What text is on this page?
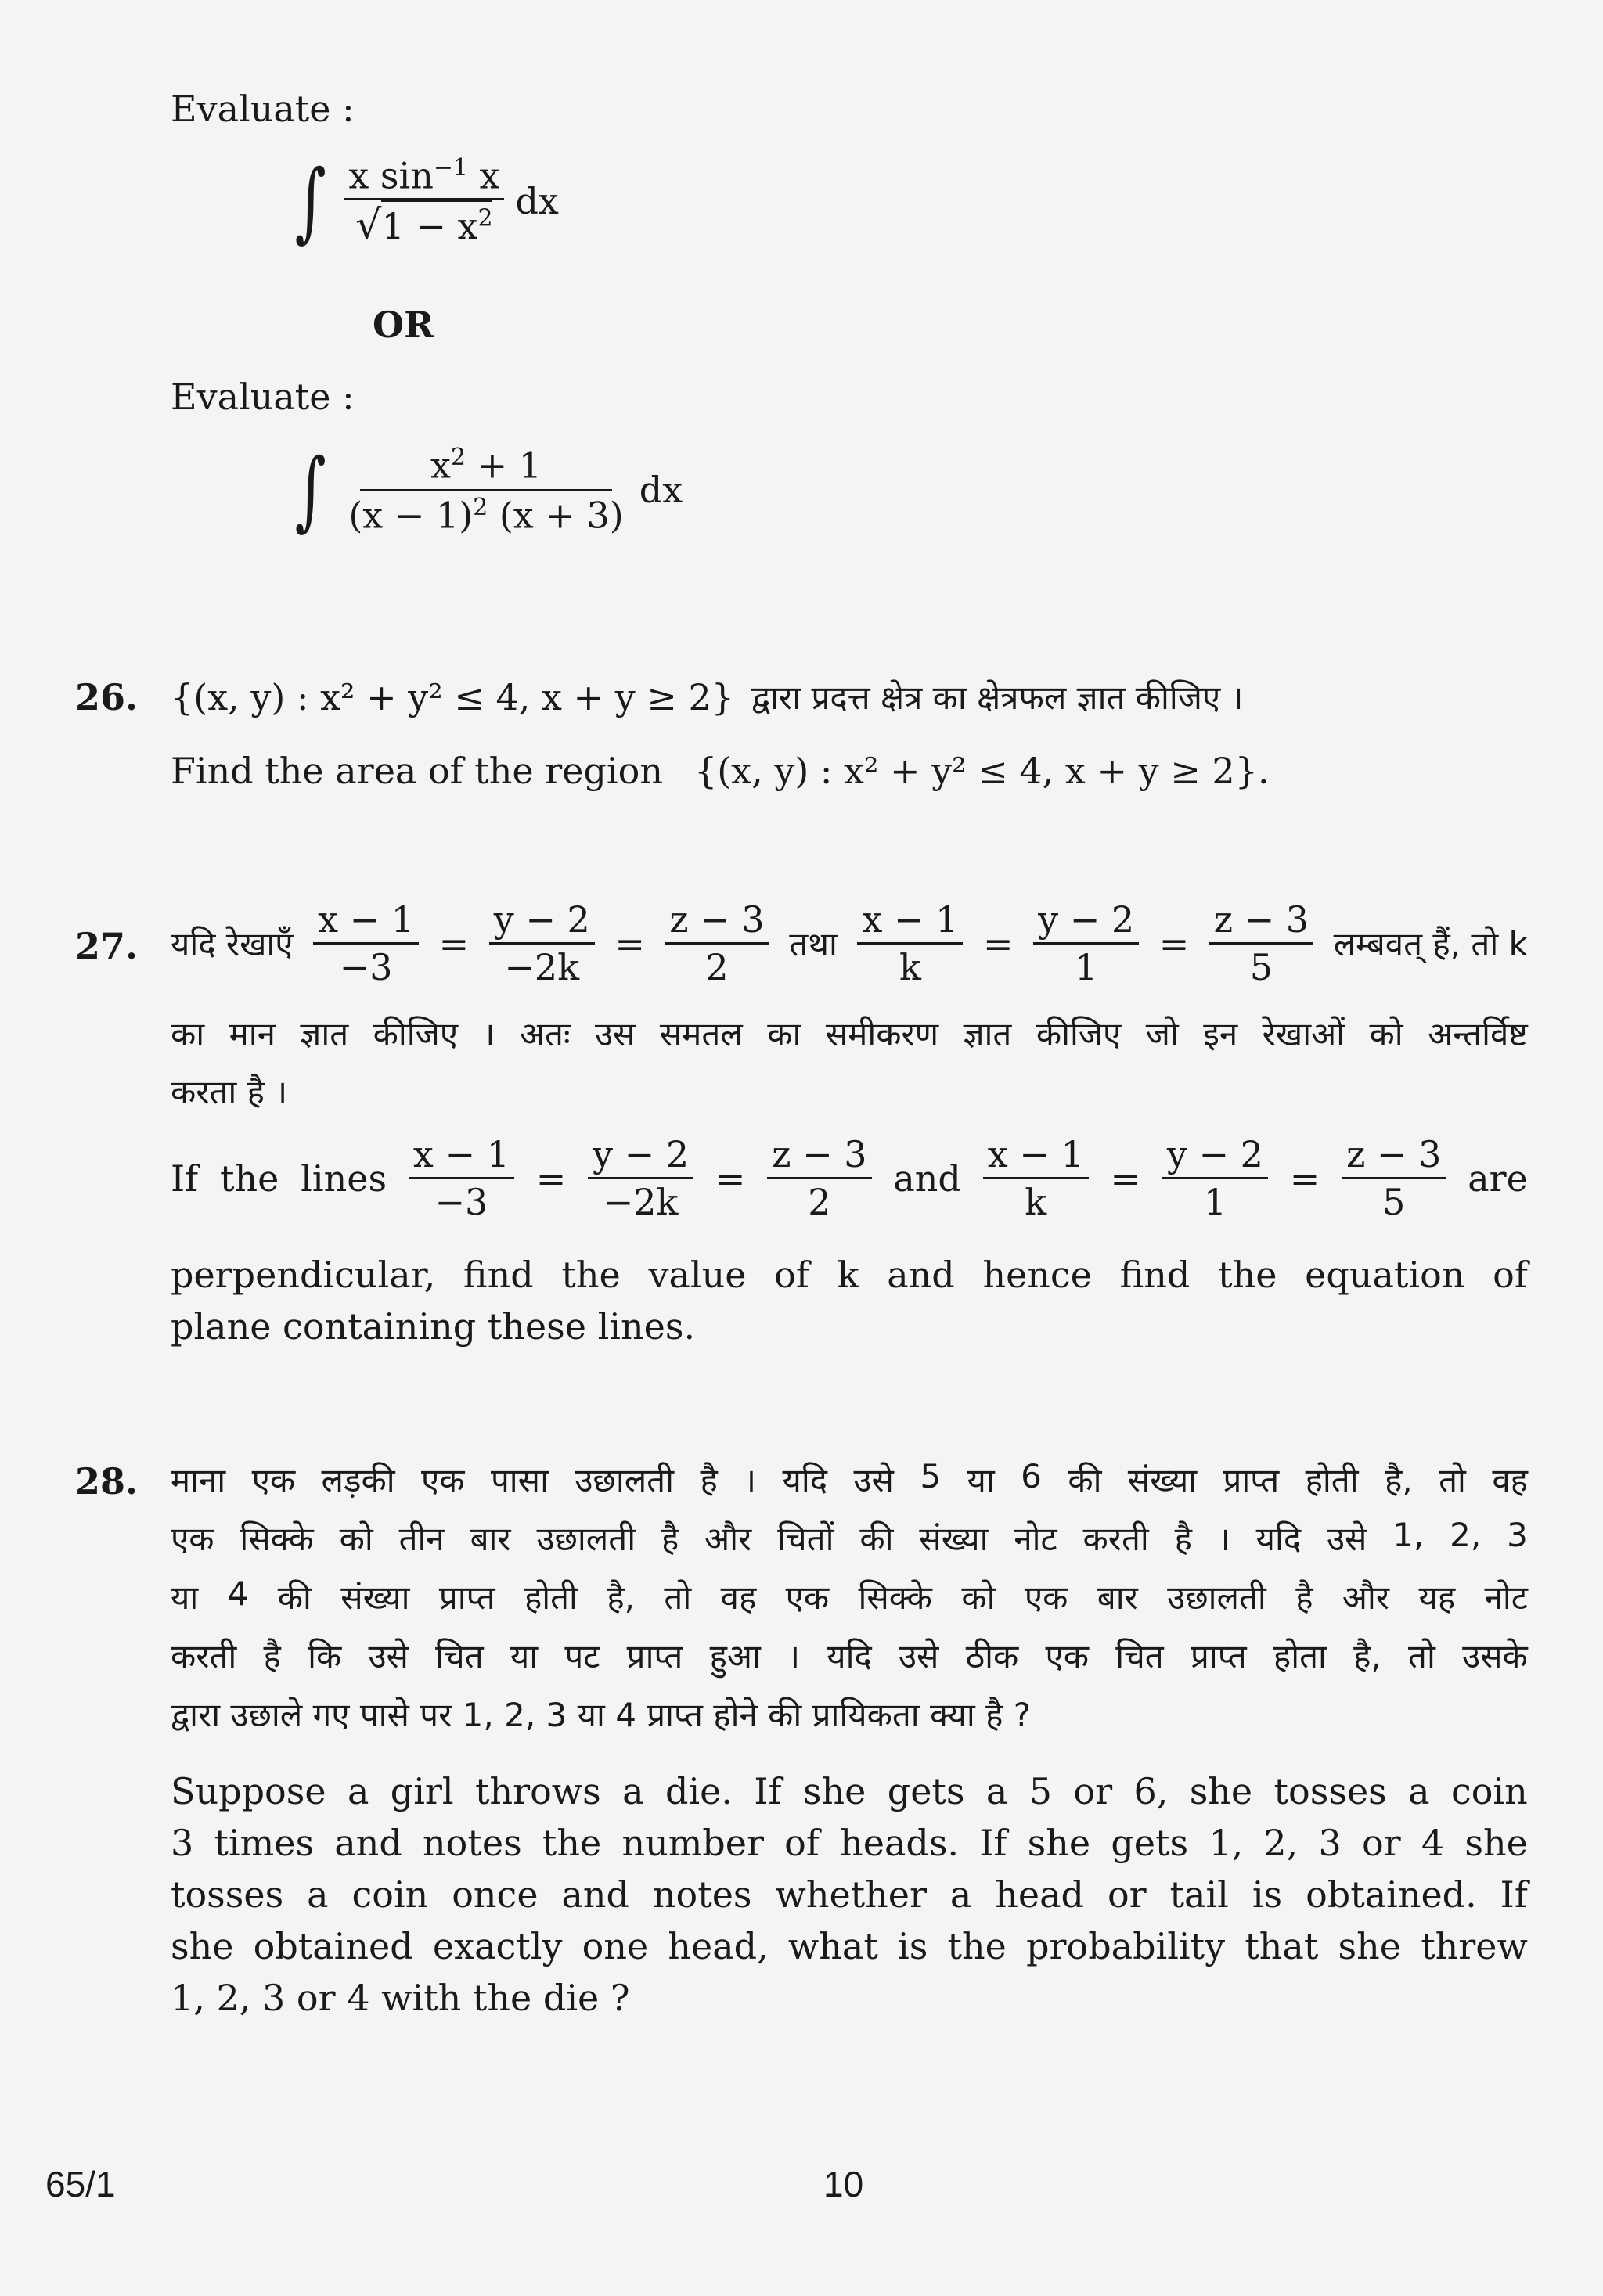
Evaluate :
∫ $\frac{x \sin^{-1} x}{√1 - x^2}$ dx
OR
Evaluate :
∫ $\frac{x^2 + 1}{(x - 1)^2 (x + 3)}$ dx
26. {(x, y) : x² + y² ≤ 4, x + y ≥ 2} द्वारा प्रदत्त क्षेत्र का क्षेत्रफल ज्ञात कीजिए ।
Find the area of the region {(x, y) : x² + y² ≤ 4, x + y ≥ 2}.
27. यदि रेखाएँ $\frac{x - 1}{-3} = \frac{y - 2}{-2k} = \frac{z - 3}{2}$ तथा $\frac{x - 1}{k} = \frac{y - 2}{1} = \frac{z - 3}{5}$ लम्बवत् हैं, तो k
का मान ज्ञात कीजिए । अतः उस समतल का समीकरण ज्ञात कीजिए जो इन रेखाओं को अन्तर्विष्ट
करता है ।
If the lines $\frac{x - 1}{-3} = \frac{y - 2}{-2k} = \frac{z - 3}{2}$ and $\frac{x - 1}{k} = \frac{y - 2}{1} = \frac{z - 3}{5}$ are
perpendicular, find the value of k and hence find the equation of
plane containing these lines.
28. माना एक लड़की एक पासा उछालती है । यदि उसे 5 या 6 की संख्या प्राप्त होती है, तो वह
एक सिक्के को तीन बार उछालती है और चितों की संख्या नोट करती है । यदि उसे 1, 2, 3
या 4 की संख्या प्राप्त होती है, तो वह एक सिक्के को एक बार उछालती है और यह नोट
करती है कि उसे चित या पट प्राप्त हुआ । यदि उसे ठीक एक चित प्राप्त होता है, तो उसके
द्वारा उछाले गए पासे पर 1, 2, 3 या 4 प्राप्त होने की प्रायिकता क्या है ?
Suppose a girl throws a die. If she gets a 5 or 6, she tosses a coin
3 times and notes the number of heads. If she gets 1, 2, 3 or 4 she
tosses a coin once and notes whether a head or tail is obtained. If
she obtained exactly one head, what is the probability that she threw
1, 2, 3 or 4 with the die ?
65/1	10
